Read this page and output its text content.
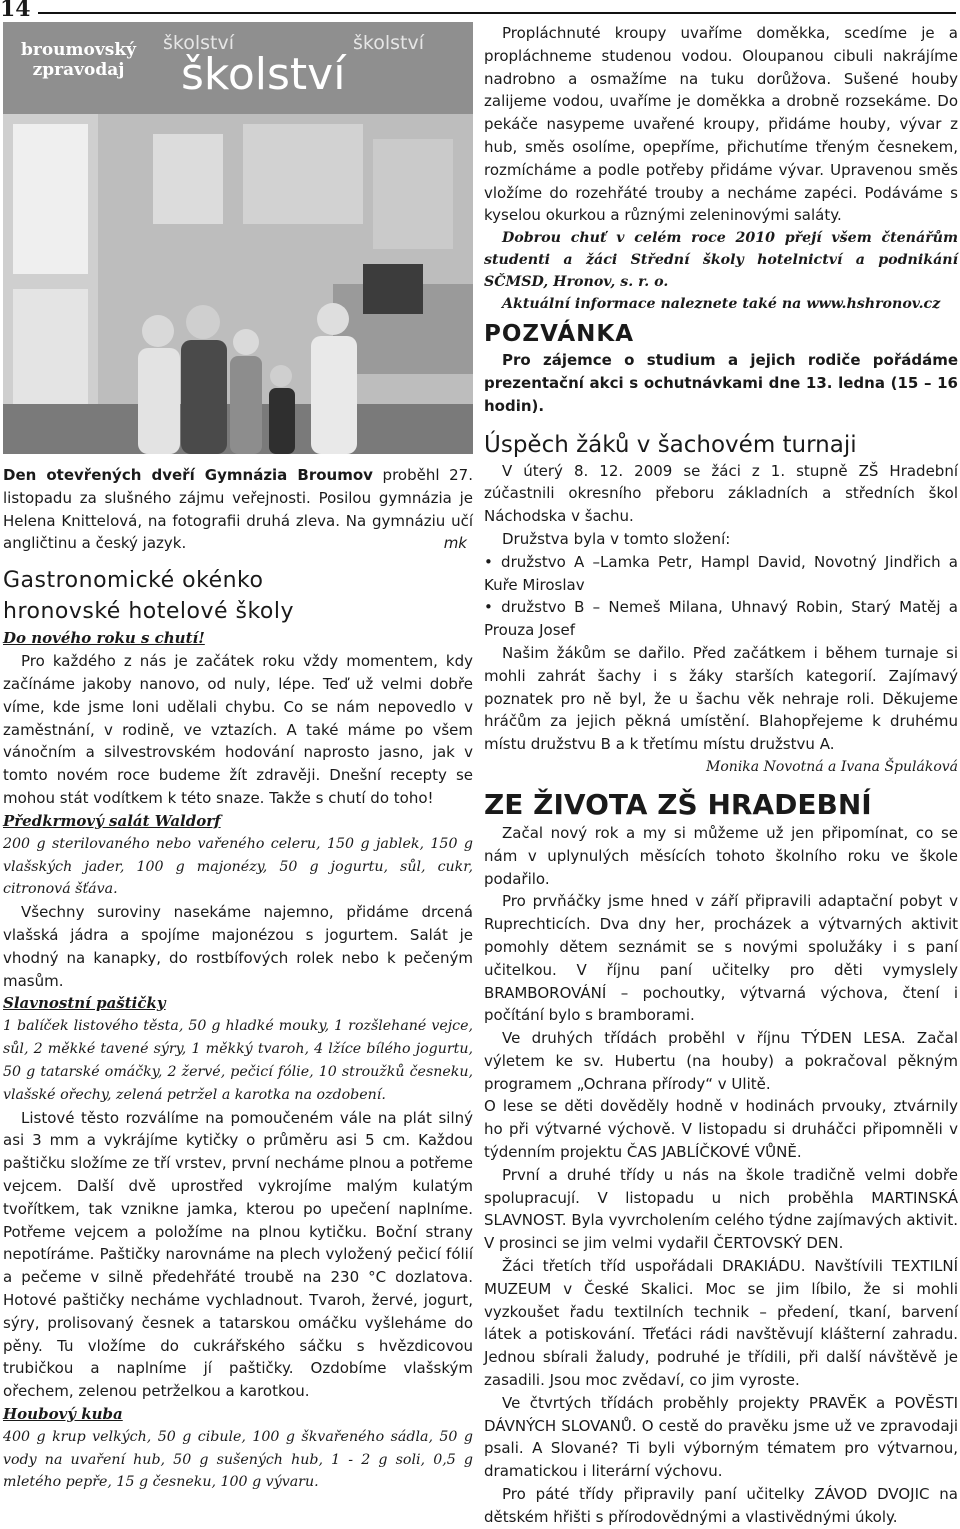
14
broumovský
zpravodaj
školství	školství
školství

Den otevřených dveří Gymnázia Broumov proběhl 27. listopadu za slušného zájmu veřejnosti. Posilou gymnázia je Helena Knittelová, na fotografii druhá zleva. Na gymnáziu učí angličtinu a český jazyk.	mk

Gastronomické okénko
hronovské hotelové školy

Do nového roku s chutí!

Pro každého z nás je začátek roku vždy momentem, kdy začínáme jakoby nanovo, od nuly, lépe. Teď už velmi dobře víme, kde jsme loni udělali chybu. Co se nám nepovedlo v zaměstnání, v rodině, ve vztazích. A také máme po všem vánočním a silvestrovském hodování naprosto jasno, jak v tomto novém roce budeme žít zdravěji. Dnešní recepty se mohou stát vodítkem k této snaze. Takže s chutí do toho!

Předkrmový salát Waldorf

200 g sterilovaného nebo vařeného celeru, 150 g jablek, 150 g vlašských jader, 100 g majonézy, 50 g jogurtu, sůl, cukr, citronová šťáva.

Všechny suroviny nasekáme najemno, přidáme drcená vlašská jádra a spojíme majonézou s jogurtem. Salát je vhodný na kanapky, do rostbífových rolek nebo k pečeným masům.

Slavnostní paštičky

1 balíček listového těsta, 50 g hladké mouky, 1 rozšlehané vejce, sůl, 2 měkké tavené sýry, 1 měkký tvaroh, 4 lžíce bílého jogurtu, 50 g tatarské omáčky, 2 žervé, pečicí fólie, 10 stroužků česneku, vlašské ořechy, zelená petržel a karotka na ozdobení.

Listové těsto rozválíme na pomoučeném vále na plát silný asi 3 mm a vykrájíme kytičky o průměru asi 5 cm. Každou paštičku složíme ze tří vrstev, první necháme plnou a potřeme vejcem. Další dvě uprostřed vykrojíme malým kulatým tvořítkem, tak vznikne jamka, kterou po upečení naplníme. Potřeme vejcem a položíme na plnou kytičku. Boční strany nepotíráme. Paštičky narovnáme na plech vyložený pečicí fólií a pečeme v silně předehřáté troubě na 230 °C dozlatova. Hotové paštičky necháme vychladnout. Tvaroh, žervé, jogurt, sýry, prolisovaný česnek a tatarskou omáčku vyšleháme do pěny. Tu vložíme do cukrářského sáčku s hvězdicovou trubičkou a naplníme jí paštičky. Ozdobíme vlašským ořechem, zelenou petrželkou a karotkou.

Houbový kuba

400 g krup velkých, 50 g cibule, 100 g škvařeného sádla, 50 g vody na uvaření hub, 50 g sušených hub, 1 - 2 g soli, 0,5 g mletého pepře, 15 g česneku, 100 g vývaru.

Propláchnuté kroupy uvaříme doměkka, scedíme je a propláchneme studenou vodou. Oloupanou cibuli nakrájíme nadrobno a osmažíme na tuku dorůžova. Sušené houby zalijeme vodou, uvaříme je doměkka a drobně rozsekáme. Do pekáče nasypeme uvařené kroupy, přidáme houby, vývar z hub, směs osolíme, opepříme, přichutíme třeným česnekem, rozmícháme a podle potřeby přidáme vývar. Upravenou směs vložíme do rozehřáté trouby a necháme zapéci. Podáváme s kyselou okurkou a různými zeleninovými saláty.

Dobrou chuť v celém roce 2010 přejí všem čtenářům studenti a žáci Střední školy hotelnictví a podnikání SČMSD, Hronov, s. r. o.

Aktuální informace naleznete také na www.hshronov.cz

POZVÁNKA

Pro zájemce o studium a jejich rodiče pořádáme prezentační akci s ochutnávkami dne 13. ledna (15 – 16 hodin).

Úspěch žáků v šachovém turnaji

V úterý 8. 12. 2009 se žáci z 1. stupně ZŠ Hradební zúčastnili okresního přeboru základních a středních škol Náchodska v šachu.

Družstva byla v tomto složení:

• družstvo A –Lamka Petr, Hampl David, Novotný Jindřich a Kuře Miroslav

• družstvo B – Nemeš Milana, Uhnavý Robin, Starý Matěj a Prouza Josef

Našim žákům se dařilo. Před začátkem i během turnaje si mohli zahrát šachy i s žáky starších kategorií. Zajímavý poznatek pro ně byl, že u šachu věk nehraje roli. Děkujeme hráčům za jejich pěkná umístění. Blahopřejeme k druhému místu družstvu B a k třetímu místu družstvu A.

Monika Novotná a Ivana Špuláková

ZE ŽIVOTA ZŠ HRADEBNÍ

Začal nový rok a my si můžeme už jen připomínat, co se nám v uplynulých měsících tohoto školního roku ve škole podařilo.

Pro prvňáčky jsme hned v září připravili adaptační pobyt v Ruprechticích. Dva dny her, procházek a výtvarných aktivit pomohly dětem seznámit se s novými spolužáky i s paní učitelkou. V říjnu paní učitelky pro děti vymyslely BRAMBOROVÁNÍ – pochoutky, výtvarná výchova, čtení i počítání bylo s bramborami.

Ve druhých třídách proběhl v říjnu TÝDEN LESA. Začal výletem ke sv. Hubertu (na houby) a pokračoval pěkným programem „Ochrana přírody“ v Ulitě.

O lese se děti dověděly hodně v hodinách prvouky, ztvárnily ho při výtvarné výchově. V listopadu si druháčci připomněli v týdenním projektu ČAS JABLÍČKOVÉ VŮNĚ.

První a druhé třídy u nás na škole tradičně velmi dobře spolupracují. V listopadu u nich proběhla MARTINSKÁ SLAVNOST. Byla vyvrcholením celého týdne zajímavých aktivit. V prosinci se jim velmi vydařil ČERTOVSKÝ DEN.

Žáci třetích tříd uspořádali DRAKIÁDU. Navštívili TEXTILNÍ MUZEUM v České Skalici. Moc se jim líbilo, že si mohli vyzkoušet řadu textilních technik – předení, tkaní, barvení látek a potiskování. Třeťáci rádi navštěvují klášterní zahradu. Jednou sbírali žaludy, podruhé je třídili, při další návštěvě je zasadili. Jsou moc zvědaví, co jim vyroste.

Ve čtvrtých třídách proběhly projekty PRAVĚK a POVĚSTI DÁVNÝCH SLOVANŮ. O cestě do pravěku jsme už ve zpravodaji psali. A Slované? Ti byli výborným tématem pro výtvarnou, dramatickou i literární výchovu.

Pro páté třídy připravily paní učitelky ZÁVOD DVOJIC na dětském hřišti s přírodovědnými a vlastivědnými úkoly.
